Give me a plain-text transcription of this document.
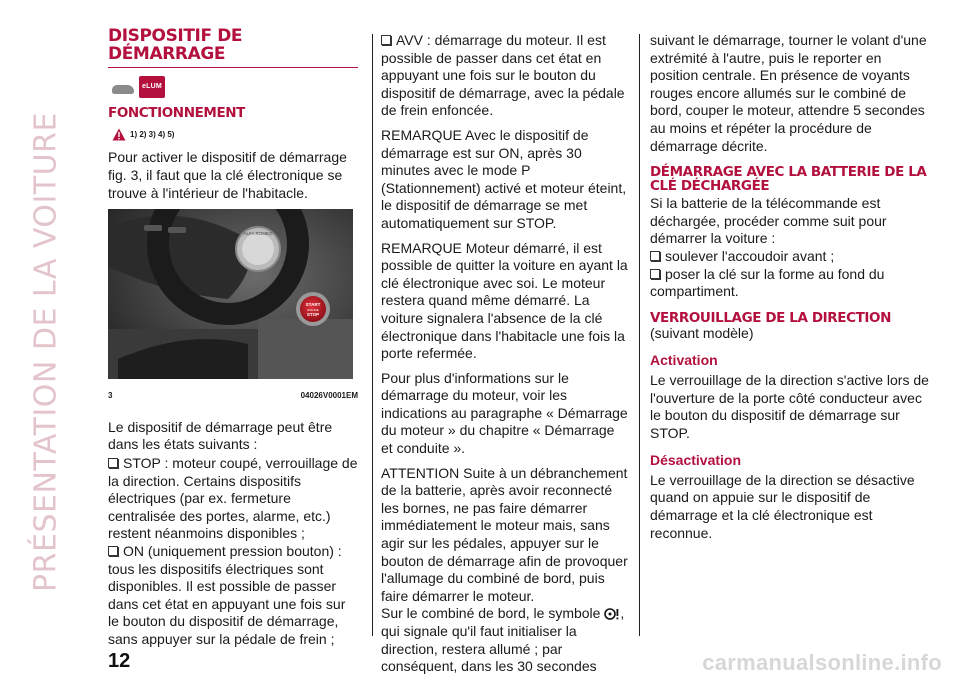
PRÉSENTATION DE LA VOITURE
DISPOSITIF DE DÉMARRAGE
eLUM
FONCTIONNEMENT
1) 2) 3) 4) 5)

Pour activer le dispositif de démarrage fig. 3, il faut que la clé électronique se trouve à l'intérieur de l'habitacle.

ALFA ROMEO
START
ENGINE
STOP
3	04026V0001EM

Le dispositif de démarrage peut être dans les états suivants :

STOP : moteur coupé, verrouillage de la direction. Certains dispositifs électriques (par ex. fermeture centralisée des portes, alarme, etc.) restent néanmoins disponibles ;
ON (uniquement pression bouton) : tous les dispositifs électriques sont disponibles. Il est possible de passer dans cet état en appuyant une fois sur le bouton du dispositif de démarrage, sans appuyer sur la pédale de frein ;

AVV : démarrage du moteur. Il est possible de passer dans cet état en appuyant une fois sur le bouton du dispositif de démarrage, avec la pédale de frein enfoncée.

REMARQUE Avec le dispositif de démarrage est sur ON, après 30 minutes avec le mode P (Stationnement) activé et moteur éteint, le dispositif de démarrage se met automatiquement sur STOP.

REMARQUE Moteur démarré, il est possible de quitter la voiture en ayant la clé électronique avec soi. Le moteur restera quand même démarré. La voiture signalera l'absence de la clé électronique dans l'habitacle une fois la porte refermée.

Pour plus d'informations sur le démarrage du moteur, voir les indications au paragraphe « Démarrage du moteur » du chapitre « Démarrage et conduite ».

ATTENTION Suite à un débranchement de la batterie, après avoir reconnecté les bornes, ne pas faire démarrer immédiatement le moteur mais, sans agir sur les pédales, appuyer sur le bouton de démarrage afin de provoquer l'allumage du combiné de bord, puis faire démarrer le moteur.

Sur le combiné de bord, le symbole , qui signale qu'il faut initialiser la direction, restera allumé ; par conséquent, dans les 30 secondes

suivant le démarrage, tourner le volant d'une extrémité à l'autre, puis le reporter en position centrale. En présence de voyants rouges encore allumés sur le combiné de bord, couper le moteur, attendre 5 secondes au moins et répéter la procédure de démarrage décrite.

DÉMARRAGE AVEC LA BATTERIE DE LA CLÉ DÉCHARGÉE

Si la batterie de la télécommande est déchargée, procéder comme suit pour démarrer la voiture :

soulever l'accoudoir avant ;
poser la clé sur la forme au fond du compartiment.
VERROUILLAGE DE LA DIRECTION

(suivant modèle)

Activation

Le verrouillage de la direction s'active lors de l'ouverture de la porte côté conducteur avec le bouton du dispositif de démarrage sur STOP.

Désactivation

Le verrouillage de la direction se désactive quand on appuie sur le dispositif de démarrage et la clé électronique est reconnue.

12	carmanualsonline.info
